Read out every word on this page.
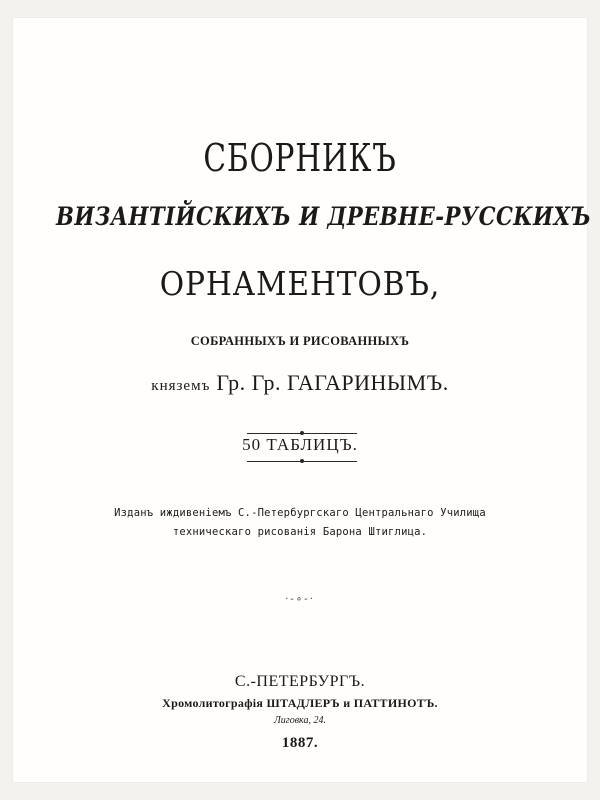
СБОРНИКЪ
ВИЗАНТІЙСКИХЪ И ДРЕВНЕ-РУССКИХЪ
ОРНАМЕНТОВЪ,
СОБРАННЫХЪ И РИСОВАННЫХЪ
княземъ Гр. Гр. ГАГАРИНЫМЪ.
50 ТАБЛИЦЪ.
Изданъ иждивеніемъ С.-Петербургскаго Центральнаго Училища
техническаго рисованія Барона Штиглица.
·-∘-·
С.-ПЕТЕРБУРГЪ.
Хромолитографія ШТАДЛЕРЪ и ПАТТИНОТЪ.
Лиговка, 24.
1887.
